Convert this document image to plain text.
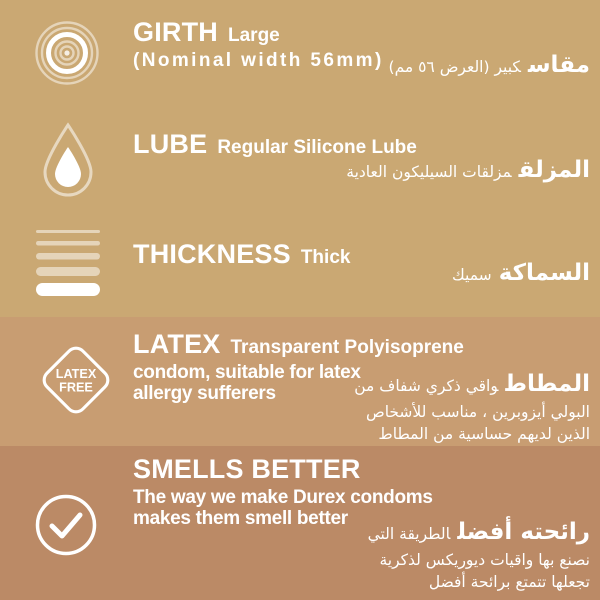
GIRTH Large
(Nominal width 56mm)	مقاسكبير (العرض ٥٦ مم)
LUBE Regular Silicone Lube
المزلقمزلقات السيليكون العادية
THICKNESS Thick
السماكةسميك
LATEX
FREE
LATEX Transparent Polyisoprene
condom, suitable for latex
allergy sufferers	المطاطواقي ذكري شفاف من
البولي أيزوبرين ، مناسب للأشخاص
الذين لديهم حساسية من المطاط
SMELLS BETTER
The way we make Durex condoms
makes them smell better
رائحته أفضلالطريقة التي
نصنع بها واقيات ديوريكس لذكرية
تجعلها تتمتع برائحة أفضل
